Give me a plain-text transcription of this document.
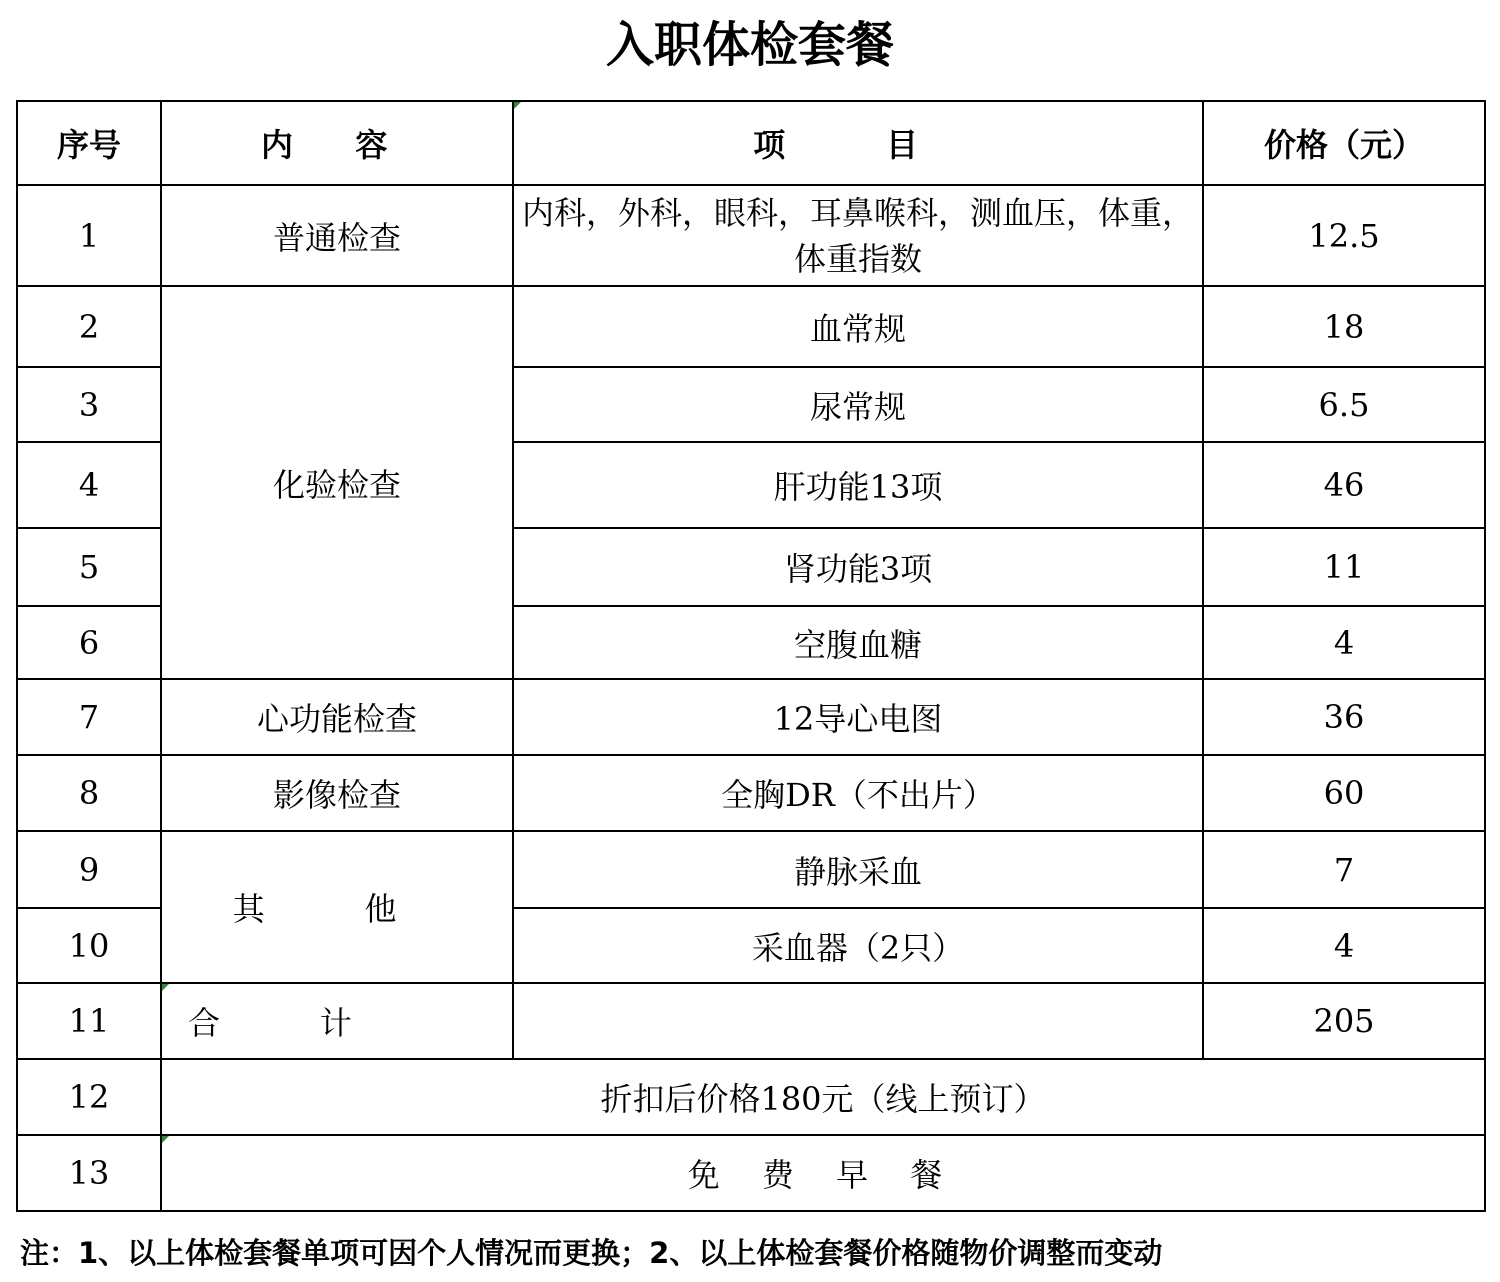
入职体检套餐
序号	内 容	项 目	价格（元）
1	普通检查	内科，外科，眼科，耳鼻喉科，测血压，体重，体重指数	12.5
2	化验检查	血常规	18
3		尿常规	6.5
4		肝功能13项	46
5		肾功能3项	11
6		空腹血糖	4
7	心功能检查	12导心电图	36
8	影像检查	全胸DR（不出片）	60
9	其 他	静脉采血	7
10		采血器（2只）	4
11	合 计		205
12	折扣后价格180元（线上预订）		
13	免 费 早 餐		
注：1、以上体检套餐单项可因个人情况而更换；2、以上体检套餐价格随物价调整而变动
